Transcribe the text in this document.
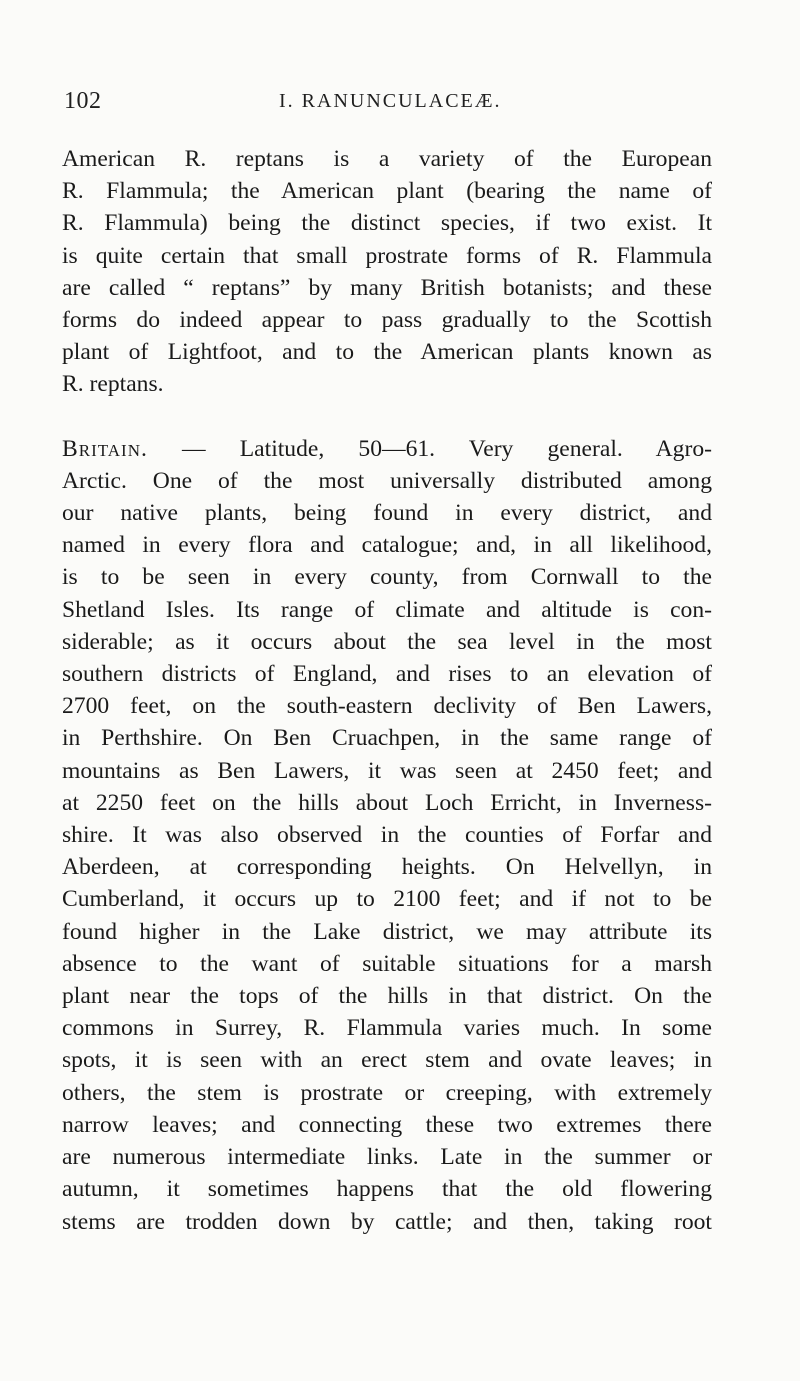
102	I. RANUNCULACEÆ.

American R. reptans is a variety of the European
R. Flammula; the American plant (bearing the name of
R. Flammula) being the distinct species, if two exist. It
is quite certain that small prostrate forms of R. Flammula
are called “ reptans” by many British botanists; and these
forms do indeed appear to pass gradually to the Scottish
plant of Lightfoot, and to the American plants known as
R. reptans.

Britain. — Latitude, 50—61. Very general. Agro-
Arctic. One of the most universally distributed among
our native plants, being found in every district, and
named in every flora and catalogue; and, in all likelihood,
is to be seen in every county, from Cornwall to the
Shetland Isles. Its range of climate and altitude is con-
siderable; as it occurs about the sea level in the most
southern districts of England, and rises to an elevation of
2700 feet, on the south-eastern declivity of Ben Lawers,
in Perthshire. On Ben Cruachpen, in the same range of
mountains as Ben Lawers, it was seen at 2450 feet; and
at 2250 feet on the hills about Loch Erricht, in Inverness-
shire. It was also observed in the counties of Forfar and
Aberdeen, at corresponding heights. On Helvellyn, in
Cumberland, it occurs up to 2100 feet; and if not to be
found higher in the Lake district, we may attribute its
absence to the want of suitable situations for a marsh
plant near the tops of the hills in that district. On the
commons in Surrey, R. Flammula varies much. In some
spots, it is seen with an erect stem and ovate leaves; in
others, the stem is prostrate or creeping, with extremely
narrow leaves; and connecting these two extremes there
are numerous intermediate links. Late in the summer or
autumn, it sometimes happens that the old flowering
stems are trodden down by cattle; and then, taking root
